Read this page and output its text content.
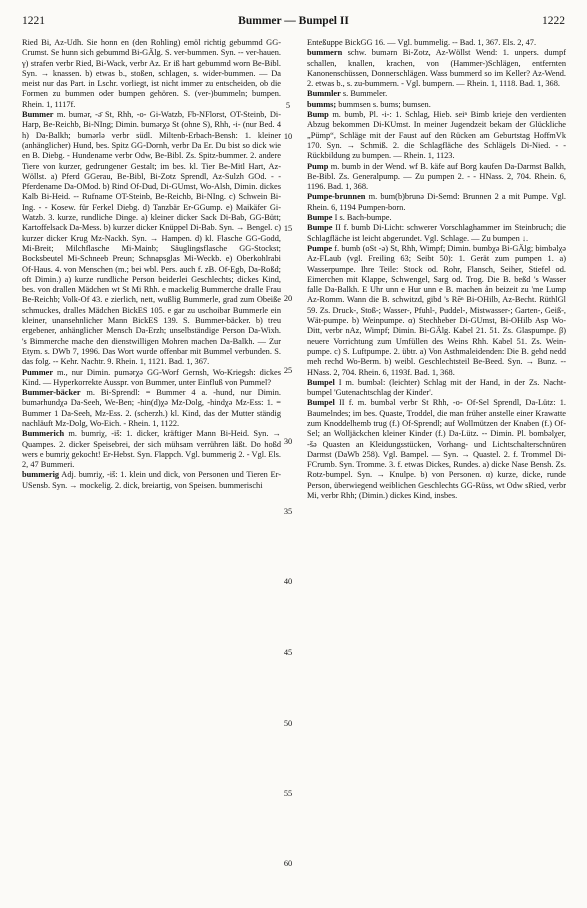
1221	Bummer — Bumpel II	1222

Ried Bi, Az-Udh. Sie honn en (den Rohling) emöl richtig gebummd GG-Crumst. Se hunn sich gebummd Bi-GÄlg. S. ver-bummen. Syn. -- ver-hauen. γ) strafen verbr Ried, Bi-Wack, verbr Az. Er iß hart gebummd worn Be-Bibl. Syn. → knassen. b) etwas b., stoßen, schlagen, s. wider-bummen. — Da meist nur das Part. in Lschr. vorliegt, ist nicht immer zu entscheiden, ob die Formen zu bummen oder bumpen gehören. S. (ver-)bummeln; bumpen. Rhein. 1, 1117f.

Bummer m. bumər, -ə̄ St, Rhh, -o- Gi-Watzb, Fb-NFlorst, OT-Steinb, Di-Harp, Be-Reichb, Bi-NIng; Dimin. bumərχə St (ohne S), Rhh, -i- (nur Bed. 4 h) Da-Balkh; bumərlə verbr südl. Miltenb-Erbach-Bensh: 1. kleiner (anhänglicher) Hund, bes. Spitz GG-Dornh, verbr Da Er. Du bist so dick wie en B. Diebg. - Hundename verbr Odw, Be-Bibl. Zs. Spitz-bummer. 2. andere Tiere von kurzer, gedrungener Gestalt; im bes. kl. Tier Be-Mitl Hart, Az-Wöllst. a) Pferd GGerau, Be-Bibl, Bi-Zotz Sprendl, Az-Sulzh GOd. - - Pferdename Da-OMod. b) Rind Of-Dud, Di-GUmst, Wo-Alsh, Dimin. dickes Kalb Bi-Heid. -- Rufname OT-Steinb, Be-Reichb, Bi-NIng. c) Schwein Bi-Ing. - - Kosew. für Ferkel Diebg. d) Tanzbär Er-GGump. e) Maikäfer Gi-Watzb. 3. kurze, rundliche Dinge. a) kleiner dicker Sack Di-Bab, GG-Bütt; Kartoffelsack Da-Mess. b) kurzer dicker Knüppel Di-Bab. Syn. → Bengel. c) kurzer dicker Krug Mz-Nackh. Syn. → Hampen. d) kl. Flasche GG-Godd, Mi-Breit; Milchflasche Mi-Mainb; Säuglingsflasche GG-Stockst; Bocksbeutel Mi-Schneeb Preun; Schnapsglas Mi-Weckb. e) Oberkohlrabi Of-Haus. 4. von Menschen (m.; bei wbl. Pers. auch f. zB. Of-Egb, Da-Roßd; oft Dimin.) a) kurze rundliche Person beiderlei Geschlechts; dickes Kind, bes. von drallen Mädchen wt St Mi Rhh. e mackelig Bummerche dralle Frau Be-Reichb; Volk-Of 43. e zierlich, nett, wußlig Bummerle, grad zum Obeiße schmuckes, dralles Mädchen BickES 105. e gar zu uschoibar Bummerle ein kleiner, unansehnlicher Mann BickES 139. S. Bummer-bäcker. b) treu ergebener, anhänglicher Mensch Da-Erzh; unselbständige Person Da-Wixh. 's Bimmerche mache den dienstwilligen Mohren machen Da-Balkh. — Zur Etym. s. DWb 7, 1996. Das Wort wurde offenbar mit Bummel verbunden. S. das folg. -- Kehr. Nachtr. 9. Rhein. 1, 1121. Bad. 1, 367.

Pummer m., nur Dimin. pumərχə GG-Worf Gernsh, Wo-Kriegsh: dickes Kind. — Hyperkorrekte Ausspr. von Bummer, unter Einfluß von Pummel?

Bummer-bäcker m. Bi-Sprendl: = Bummer 4 a. -hund, nur Dimin. bumərhundχə Da-Seeh, We-Ben; -hin(d)χə Mz-Dolg, -hindχə Mz-Ess: 1. = Bummer 1 Da-Seeh, Mz-Ess. 2. (scherzh.) kl. Kind, das der Mutter ständig nachläuft Mz-Dolg, Wo-Eich. - Rhein. 1, 1122.

Bummerich m. bumriχ, -iš: 1. dicker, kräftiger Mann Bi-Heid. Syn. → Quampes. 2. dicker Speisebrei, der sich mühsam verrühren läßt. Do hoßd wers e bumriχ gekocht! Er-Hebst. Syn. Flappch. Vgl. bummerig 2. - Vgl. Els. 2, 47 Bummeri.

bummerig Adj. bumriχ, -iš: 1. klein und dick, von Personen und Tieren Er-USensb. Syn. → mockelig. 2. dick, breiartig, von Speisen. bummerischi

5
10
15
20
25
30
35
40
45
50
55
60

Enteßuppe BickGG 16. — Vgl. bummelig. -- Bad. 1, 367. Els. 2, 47.

bummern schw. bumərn Bi-Zotz, Az-Wöllst Wend: 1. unpers. dumpf schallen, knallen, krachen, von (Hammer-)Schlägen, entfernten Kanonenschüssen, Donnerschlägen. Wass bummerd so im Keller? Az-Wend. 2. etwas b., s. zu-bummern. - Vgl. bumpern. — Rhein. 1, 1118. Bad. 1, 368.

Bummler s. Bummeler.

bumms; bummsen s. bums; bumsen.

Bump m. bumb, Pl. -i-: 1. Schlag, Hieb. seiⁿ Bimb krieje den verdienten Abzug bekommen Di-KUmst. In meiner Jugendzeit bekam der Glückliche „Pümp“, Schläge mit der Faust auf den Rücken am Geburtstag HoffmVk 170. Syn. → Schmiß. 2. die Schlagfläche des Schlägels Di-Nied. - - Rückbildung zu bumpen. — Rhein. 1, 1123.

Pump m. bumb in der Wend. wf B. käfe auf Borg kaufen Da-Darmst Balkh, Be-Bibl. Zs. Generalpump. — Zu pumpen 2. - - HNass. 2, 704. Rhein. 6, 1196. Bad. 1, 368.

Pumpe-brunnen m. bum(b)brunə Di-Semd: Brunnen 2 a mit Pumpe. Vgl. Rhein. 6, 1194 Pumpen-born.

Bumpe I s. Bach-bumpe.

Bumpe II f. bumb Di-Licht: schwerer Vorschlaghammer im Steinbruch; die Schlagfläche ist leicht abgerundet. Vgl. Schlage. — Zu bumpen ↓.

Pumpe f. bumb (oSt -ə) St, Rhh, Wimpf; Dimin. bumbχə Bi-GÄlg; bimbəlχə Az-FLaub (vgl. Freiling 63; Seibt 50): 1. Gerät zum pumpen 1. a) Wasserpumpe. Ihre Teile: Stock od. Rohr, Flansch, Seiher, Stiefel od. Eimerchen mit Klappe, Schwengel, Sarg od. Trog. Die B. beßd 's Wasser falle Da-Balkh. E Uhr unn e Hur unn e B. machen ån beizeit zu 'me Lump Az-Romm. Wann die B. schwitzd, gibd 's Rēⁿ Bi-OHilb, Az-Becht. RüthlGl 59. Zs. Druck-, Stoß-; Wasser-, Pfuhl-, Puddel-, Mistwasser-; Garten-, Geiß-, Wät-pumpe. b) Weinpumpe. α) Stechheber Di-GUmst, Bi-OHilb Asp Wo-Ditt, verbr nAz, Wimpf; Dimin. Bi-GÄlg. Kabel 21. 51. Zs. Glaspumpe. β) neuere Vorrichtung zum Umfüllen des Weins Rhh. Kabel 51. Zs. Wein-pumpe. c) S. Luftpumpe. 2. übtr. a) Von Asthmaleidenden: Die B. gehd nedd meh rechd Wo-Berm. b) weibl. Geschlechtsteil Be-Beed. Syn. → Bunz. -- HNass. 2, 704. Rhein. 6, 1193f. Bad. 1, 368.

Bumpel I m. bumbəl: (leichter) Schlag mit der Hand, in der Zs. Nacht-bumpel 'Gutenachtschlag der Kinder'.

Bumpel II f. m. bumbəl verbr St Rhh, -o- Of-Sel Sprendl, Da-Lütz: 1. Baumelndes; im bes. Quaste, Troddel, die man früher anstelle einer Krawatte zum Knoddelhemb trug (f.) Of-Sprendl; auf Wollmützen der Knaben (f.) Of-Sel; an Wolljäckchen kleiner Kinder (f.) Da-Lütz. -- Dimin. Pl. bombəlχer, -šə Quasten an Kleidungsstücken, Vorhang- und Lichtschalterschnüren Darmst (DaWb 258). Vgl. Bampel. — Syn. → Quastel. 2. f. Trommel Di-FCrumb. Syn. Tromme. 3. f. etwas Dickes, Rundes. a) dicke Nase Bensh. Zs. Rotz-bumpel. Syn. → Knulpe. b) von Personen. α) kurze, dicke, runde Person, überwiegend weiblichen Geschlechts GG-Rüss, wt Odw sRied, verbr Mi, verbr Rhh; (Dimin.) dickes Kind, insbes.
